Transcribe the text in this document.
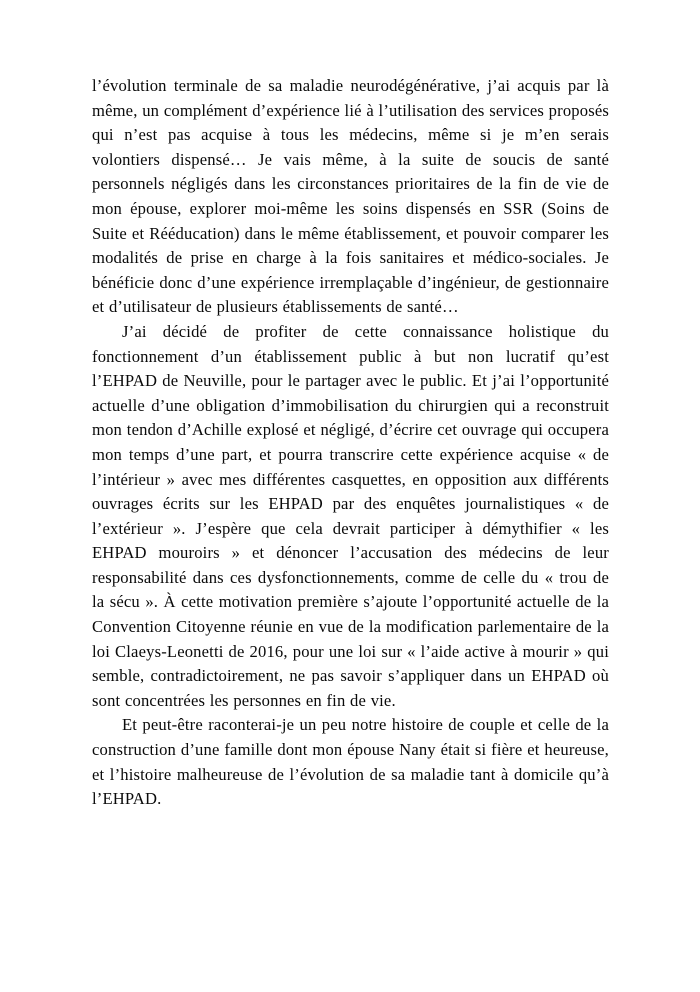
l’évolution terminale de sa maladie neurodégénérative, j’ai acquis par là même, un complément d’expérience lié à l’utilisation des services proposés qui n’est pas acquise à tous les médecins, même si je m’en serais volontiers dispensé… Je vais même, à la suite de soucis de santé personnels négligés dans les circonstances prioritaires de la fin de vie de mon épouse, explorer moi-même les soins dispensés en SSR (Soins de Suite et Rééducation) dans le même établissement, et pouvoir comparer les modalités de prise en charge à la fois sanitaires et médico-sociales. Je bénéficie donc d’une expérience irremplaçable d’ingénieur, de gestionnaire et d’utilisateur de plusieurs établissements de santé…

J’ai décidé de profiter de cette connaissance holistique du fonctionnement d’un établissement public à but non lucratif qu’est l’EHPAD de Neuville, pour le partager avec le public. Et j’ai l’opportunité actuelle d’une obligation d’immobilisation du chirurgien qui a reconstruit mon tendon d’Achille explosé et négligé, d’écrire cet ouvrage qui occupera mon temps d’une part, et pourra transcrire cette expérience acquise « de l’intérieur » avec mes différentes casquettes, en opposition aux différents ouvrages écrits sur les EHPAD par des enquêtes journalistiques « de l’extérieur ». J’espère que cela devrait participer à démythifier « les EHPAD mouroirs » et dénoncer l’accusation des médecins de leur responsabilité dans ces dysfonctionnements, comme de celle du « trou de la sécu ». À cette motivation première s’ajoute l’opportunité actuelle de la Convention Citoyenne réunie en vue de la modification parlementaire de la loi Claeys-Leonetti de 2016, pour une loi sur « l’aide active à mourir » qui semble, contradictoirement, ne pas savoir s’appliquer dans un EHPAD où sont concentrées les personnes en fin de vie.

Et peut-être raconterai-je un peu notre histoire de couple et celle de la construction d’une famille dont mon épouse Nany était si fière et heureuse, et l’histoire malheureuse de l’évolution de sa maladie tant à domicile qu’à l’EHPAD.
